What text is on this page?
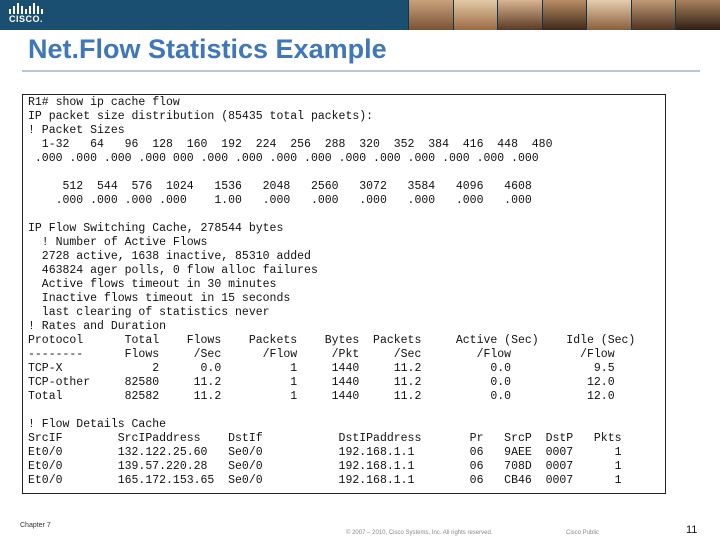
CISCO.
Net.Flow Statistics Example
R1# show ip cache flow
IP packet size distribution (85435 total packets):
! Packet Sizes
1-32   64   96  128  160  192  224  256  288  320  352  384  416  448  480
.000 .000 .000 .000 000 .000 .000 .000 .000 .000 .000 .000 .000 .000 .000
512  544  576  1024   1536   2048   2560   3072   3584   4096   4608
.000 .000 .000 .000    1.00   .000   .000   .000   .000   .000   .000
IP Flow Switching Cache, 278544 bytes
! Number of Active Flows
2728 active, 1638 inactive, 85310 added
463824 ager polls, 0 flow alloc failures
Active flows timeout in 30 minutes
Inactive flows timeout in 15 seconds
last clearing of statistics never
! Rates and Duration
Protocol      Total    Flows    Packets    Bytes  Packets     Active (Sec)    Idle (Sec)
--------      Flows     /Sec      /Flow     /Pkt     /Sec        /Flow          /Flow
TCP-X             2      0.0          1     1440     11.2          0.0            9.5
TCP-other     82580     11.2          1     1440     11.2          0.0           12.0
Total         82582     11.2          1     1440     11.2          0.0           12.0
! Flow Details Cache
SrcIF        SrcIPaddress    DstIf           DstIPaddress       Pr   SrcP  DstP   Pkts
Et0/0        132.122.25.60   Se0/0           192.168.1.1        06   9AEE  0007      1
Et0/0        139.57.220.28   Se0/0           192.168.1.1        06   708D  0007      1
Et0/0        165.172.153.65  Se0/0           192.168.1.1        06   CB46  0007      1
Chapter 7
© 2007 – 2010, Cisco Systems, Inc. All rights reserved.	Cisco Public	11
